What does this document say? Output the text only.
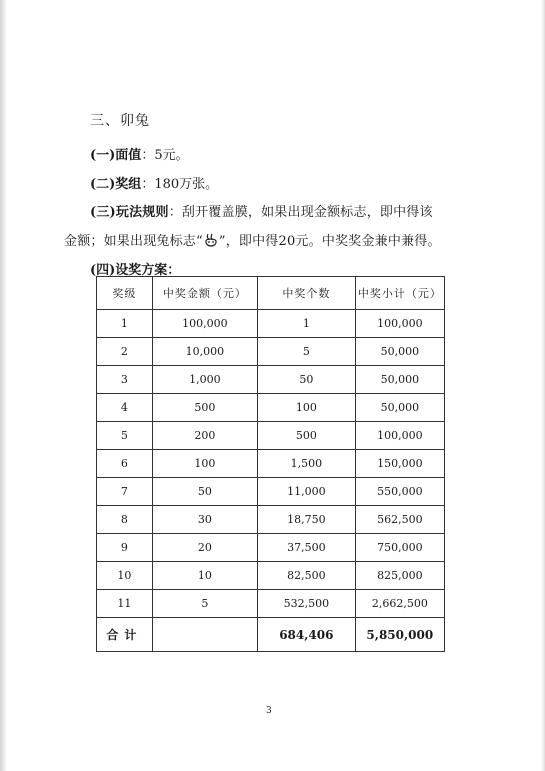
三、卯兔
(一)面值：5元。
(二)奖组：180万张。
(三)玩法规则：刮开覆盖膜，如果出现金额标志，即中得该
金额；如果出现兔标志“ ”，即中得20元。中奖奖金兼中兼得。
(四)设奖方案：
奖级	中奖金额（元）	中奖个数	中奖小计（元）
1	100,000	1	100,000
2	10,000	5	50,000
3	1,000	50	50,000
4	500	100	50,000
5	200	500	100,000
6	100	1,500	150,000
7	50	11,000	550,000
8	30	18,750	562,500
9	20	37,500	750,000
10	10	82,500	825,000
11	5	532,500	2,662,500
合计		684,406	5,850,000
3
